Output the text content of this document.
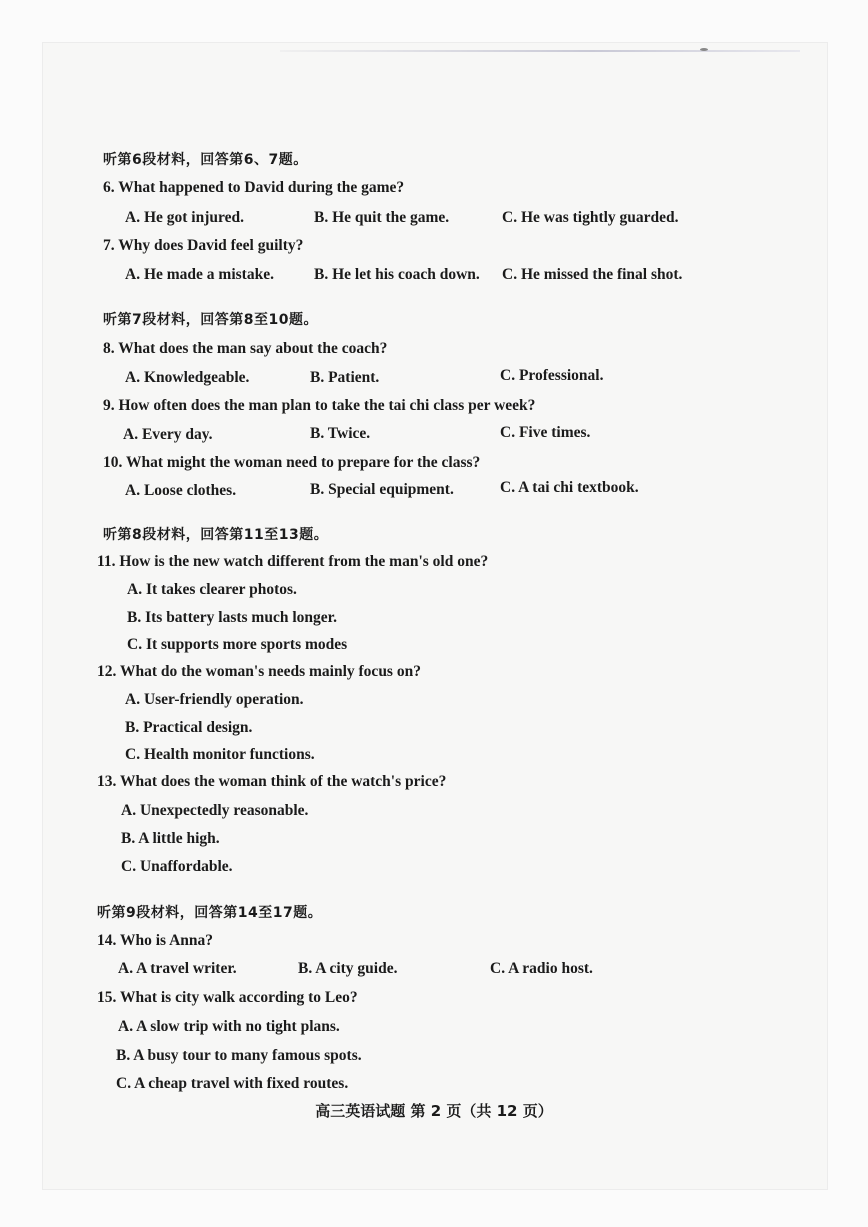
听第6段材料，回答第6、7题。
6. What happened to David during the game?
A. He got injured.	B. He quit the game.	C. He was tightly guarded.
7. Why does David feel guilty?
A. He made a mistake.	B. He let his coach down. C. He missed the final shot.
听第7段材料，回答第8至10题。
8. What does the man say about the coach?
A. Knowledgeable.	B. Patient.	C. Professional.
9. How often does the man plan to take the tai chi class per week?
A. Every day.	B. Twice.	C. Five times.
10. What might the woman need to prepare for the class?
A. Loose clothes.	B. Special equipment.	C. A tai chi textbook.
听第8段材料，回答第11至13题。
11. How is the new watch different from the man's old one?
A. It takes clearer photos.
B. Its battery lasts much longer.
C. It supports more sports modes
12. What do the woman's needs mainly focus on?
A. User-friendly operation.
B. Practical design.
C. Health monitor functions.
13. What does the woman think of the watch's price?
A. Unexpectedly reasonable.
B. A little high.
C. Unaffordable.
听第9段材料，回答第14至17题。
14. Who is Anna?
A. A travel writer.	B. A city guide.	C. A radio host.
15. What is city walk according to Leo?
A. A slow trip with no tight plans.
B. A busy tour to many famous spots.
C. A cheap travel with fixed routes.
高三英语试题 第 2 页（共 12 页）
